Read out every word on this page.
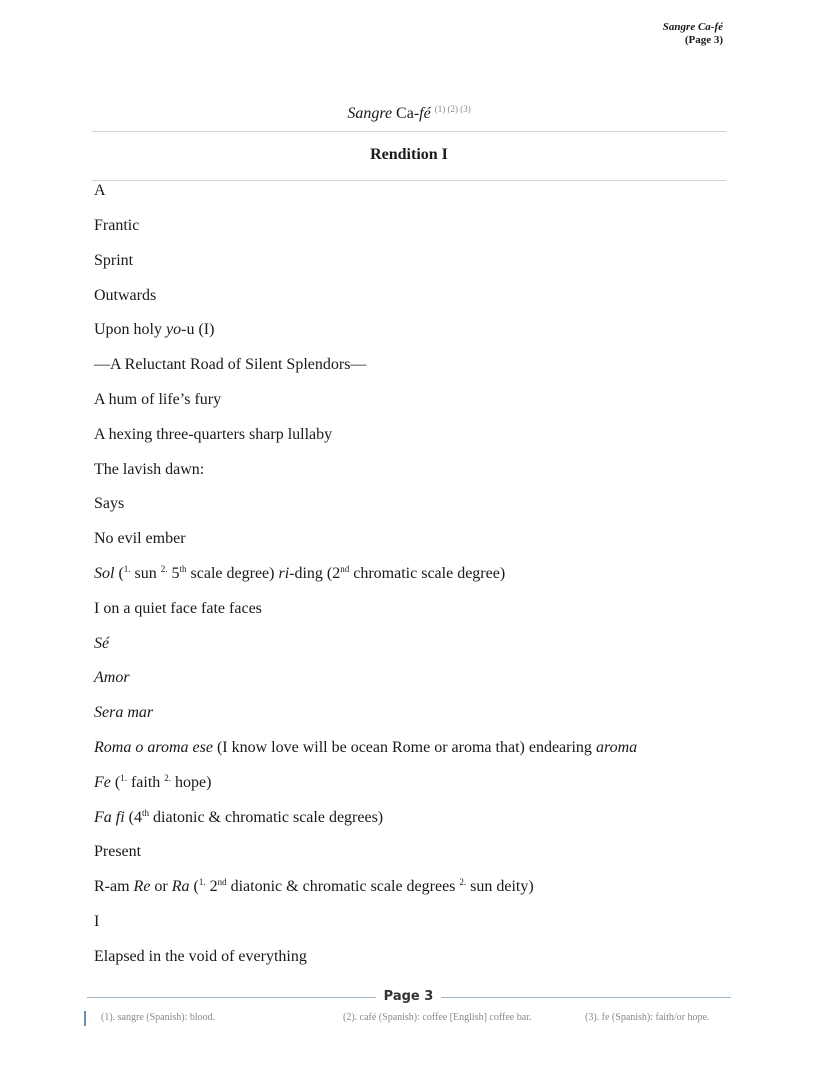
Sangre Ca-fé
(Page 3)
Sangre Ca-fé $^{(1) (2) (3)}$
Rendition I
A
Frantic
Sprint
Outwards
Upon holy yo-u (I)
—A Reluctant Road of Silent Splendors—
A hum of life’s fury
A hexing three-quarters sharp lullaby
The lavish dawn:
Says
No evil ember
Sol ($^{1.}$ sun $^{2.}$ 5th scale degree) ri-ding (2nd chromatic scale degree)
I on a quiet face fate faces
Sé
Amor
Sera mar
Roma o aroma ese (I know love will be ocean Rome or aroma that) endearing aroma
Fe ($^{1.}$ faith $^{2.}$ hope)
Fa fi (4th diatonic & chromatic scale degrees)
Present
R-am Re or Ra ($^{1.}$ 2nd diatonic & chromatic scale degrees $^{2.}$ sun deity)
I
Elapsed in the void of everything
Page 3
(1). sangre (Spanish): blood.	(2). café (Spanish): coffee [English] coffee bar.	(3). fe (Spanish): faith/or hope.
